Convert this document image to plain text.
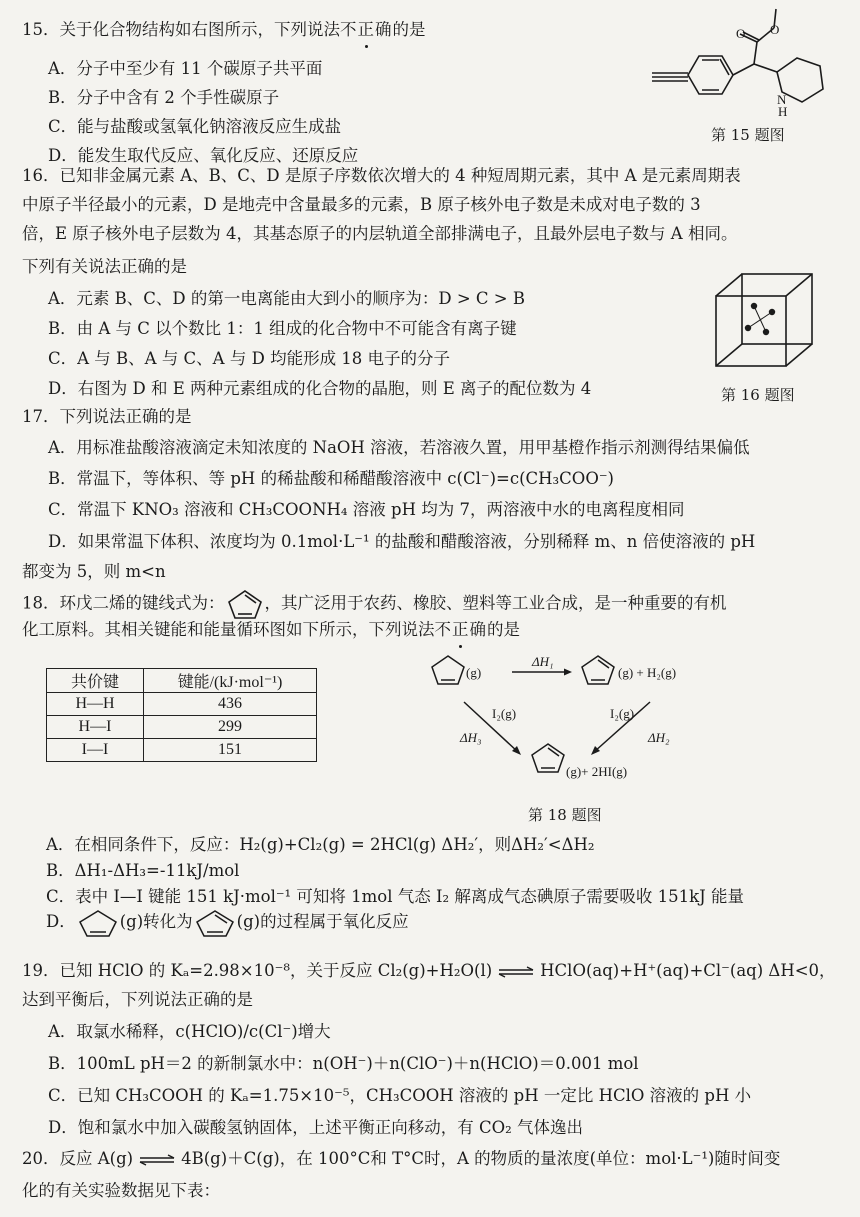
15．关于化合物结构如右图所示，下列说法不正确的是
A．分子中至少有 11 个碳原子共平面
B．分子中含有 2 个手性碳原子
C．能与盐酸或氢氧化钠溶液反应生成盐
D．能发生取代反应、氧化反应、还原反应
O
O
N
H
第 15 题图
16．已知非金属元素 A、B、C、D 是原子序数依次增大的 4 种短周期元素，其中 A 是元素周期表
中原子半径最小的元素，D 是地壳中含量最多的元素，B 原子核外电子数是未成对电子数的 3
倍，E 原子核外电子层数为 4，其基态原子的内层轨道全部排满电子，且最外层电子数与 A 相同。
下列有关说法正确的是
A．元素 B、C、D 的第一电离能由大到小的顺序为：D > C > B
B．由 A 与 C 以个数比 1：1 组成的化合物中不可能含有离子键
C．A 与 B、A 与 C、A 与 D 均能形成 18 电子的分子
D．右图为 D 和 E 两种元素组成的化合物的晶胞，则 E 离子的配位数为 4	第 16 题图
17．下列说法正确的是
A．用标准盐酸溶液滴定未知浓度的 NaOH 溶液，若溶液久置，用甲基橙作指示剂测得结果偏低
B．常温下，等体积、等 pH 的稀盐酸和稀醋酸溶液中 c(Cl⁻)=c(CH₃COO⁻)
C．常温下 KNO₃ 溶液和 CH₃COONH₄ 溶液 pH 均为 7，两溶液中水的电离程度相同
D．如果常温下体积、浓度均为 0.1mol·L⁻¹ 的盐酸和醋酸溶液，分别稀释 m、n 倍使溶液的 pH
都变为 5，则 m<n
18．环戊二烯的键线式为： ，其广泛用于农药、橡胶、塑料等工业合成，是一种重要的有机
化工原料。其相关键能和能量循环图如下所示，下列说法不正确的是
共价键	键能/(kJ·mol⁻¹)
H—H	436
H—I	299
I—I	151
(g)	(g) + H₂(g)
(g)+ 2HI(g)
ΔH₁
ΔH₂
ΔH₃
I₂(g)	I₂(g)
第 18 题图
A．在相同条件下，反应：H₂(g)+Cl₂(g) = 2HCl(g) ΔH₂′，则ΔH₂′<ΔH₂
B．ΔH₁-ΔH₃=-11kJ/mol
C．表中 I—I 键能 151 kJ·mol⁻¹ 可知将 1mol 气态 I₂ 解离成气态碘原子需要吸收 151kJ 能量
D．	(g)转化为	(g)的过程属于氧化反应
19．已知 HClO 的 Kₐ=2.98×10⁻⁸，关于反应 Cl₂(g)+H₂O(l) ⇌ HClO(aq)+H⁺(aq)+Cl⁻(aq) ΔH<0，
达到平衡后，下列说法正确的是
A．取氯水稀释，c(HClO)/c(Cl⁻)增大
B．100mL pH＝2 的新制氯水中：n(OH⁻)＋n(ClO⁻)＋n(HClO)＝0.001 mol
C．已知 CH₃COOH 的 Kₐ=1.75×10⁻⁵，CH₃COOH 溶液的 pH 一定比 HClO 溶液的 pH 小
D．饱和氯水中加入碳酸氢钠固体，上述平衡正向移动，有 CO₂ 气体逸出
20．反应 A(g) ⇌ 4B(g)＋C(g)，在 100°C和 T°C时，A 的物质的量浓度(单位：mol·L⁻¹)随时间变
化的有关实验数据见下表：
